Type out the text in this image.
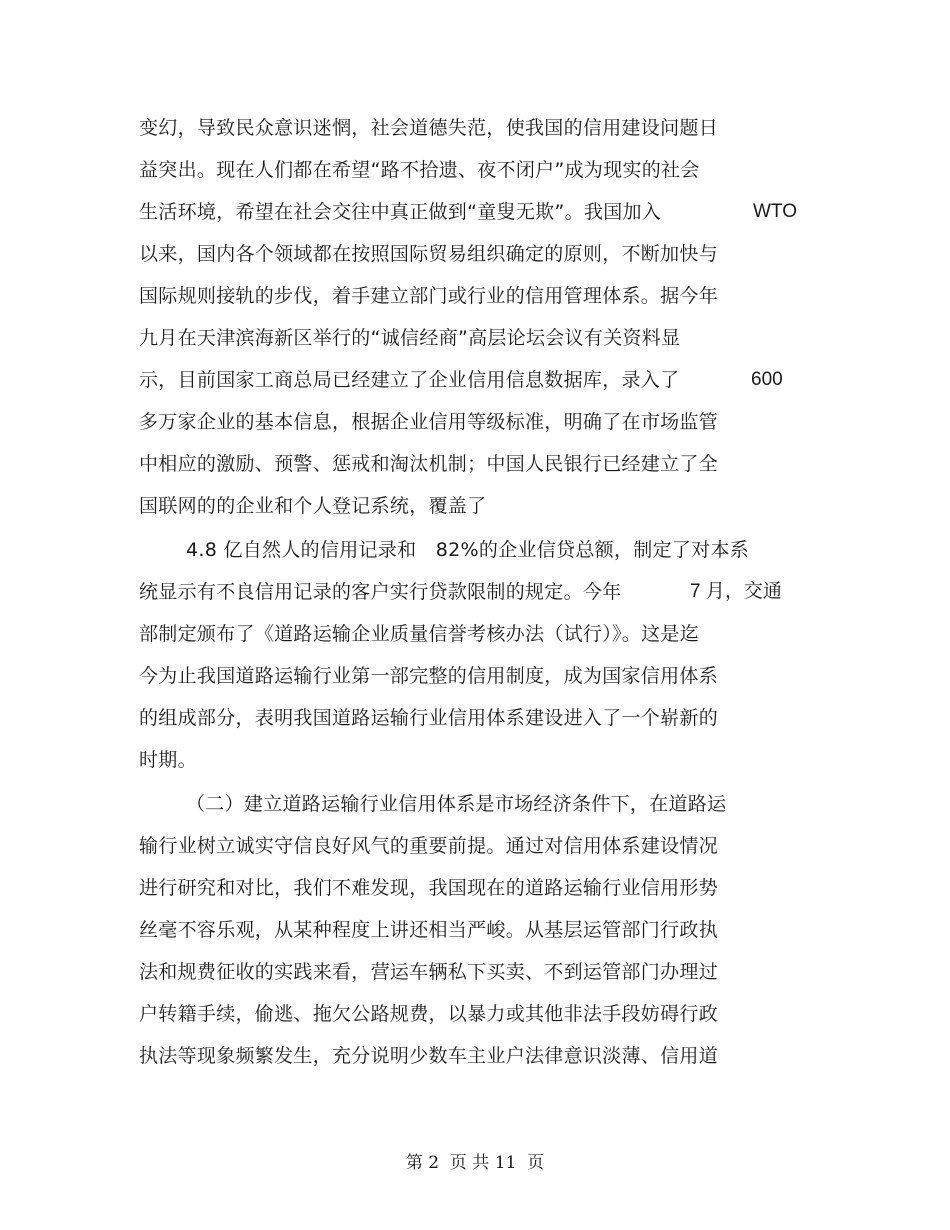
变幻，导致民众意识迷惘，社会道德失范，使我国的信用建设问题日
益突出。现在人们都在希望“路不拾遗、夜不闭户”成为现实的社会
生活环境，希望在社会交往中真正做到“童叟无欺”。我国加入	WTO
以来，国内各个领域都在按照国际贸易组织确定的原则，不断加快与
国际规则接轨的步伐，着手建立部门或行业的信用管理体系。据今年
九月在天津滨海新区举行的“诚信经商”高层论坛会议有关资料显
示，目前国家工商总局已经建立了企业信用信息数据库，录入了	600
多万家企业的基本信息，根据企业信用等级标准，明确了在市场监管
中相应的激励、预警、惩戒和淘汰机制；中国人民银行已经建立了全
国联网的的企业和个人登记系统，覆盖了
4.8 亿自然人的信用记录和　82%的企业信贷总额，制定了对本系
统显示有不良信用记录的客户实行贷款限制的规定。今年	7 月，交通
部制定颁布了《道路运输企业质量信誉考核办法（试行）》。这是迄
今为止我国道路运输行业第一部完整的信用制度，成为国家信用体系
的组成部分，表明我国道路运输行业信用体系建设进入了一个崭新的
时期。
（二）建立道路运输行业信用体系是市场经济条件下，在道路运
输行业树立诚实守信良好风气的重要前提。通过对信用体系建设情况
进行研究和对比，我们不难发现，我国现在的道路运输行业信用形势
丝毫不容乐观，从某种程度上讲还相当严峻。从基层运管部门行政执
法和规费征收的实践来看，营运车辆私下买卖、不到运管部门办理过
户转籍手续，偷逃、拖欠公路规费，以暴力或其他非法手段妨碍行政
执法等现象频繁发生，充分说明少数车主业户法律意识淡薄、信用道
第 2  页 共 11  页
